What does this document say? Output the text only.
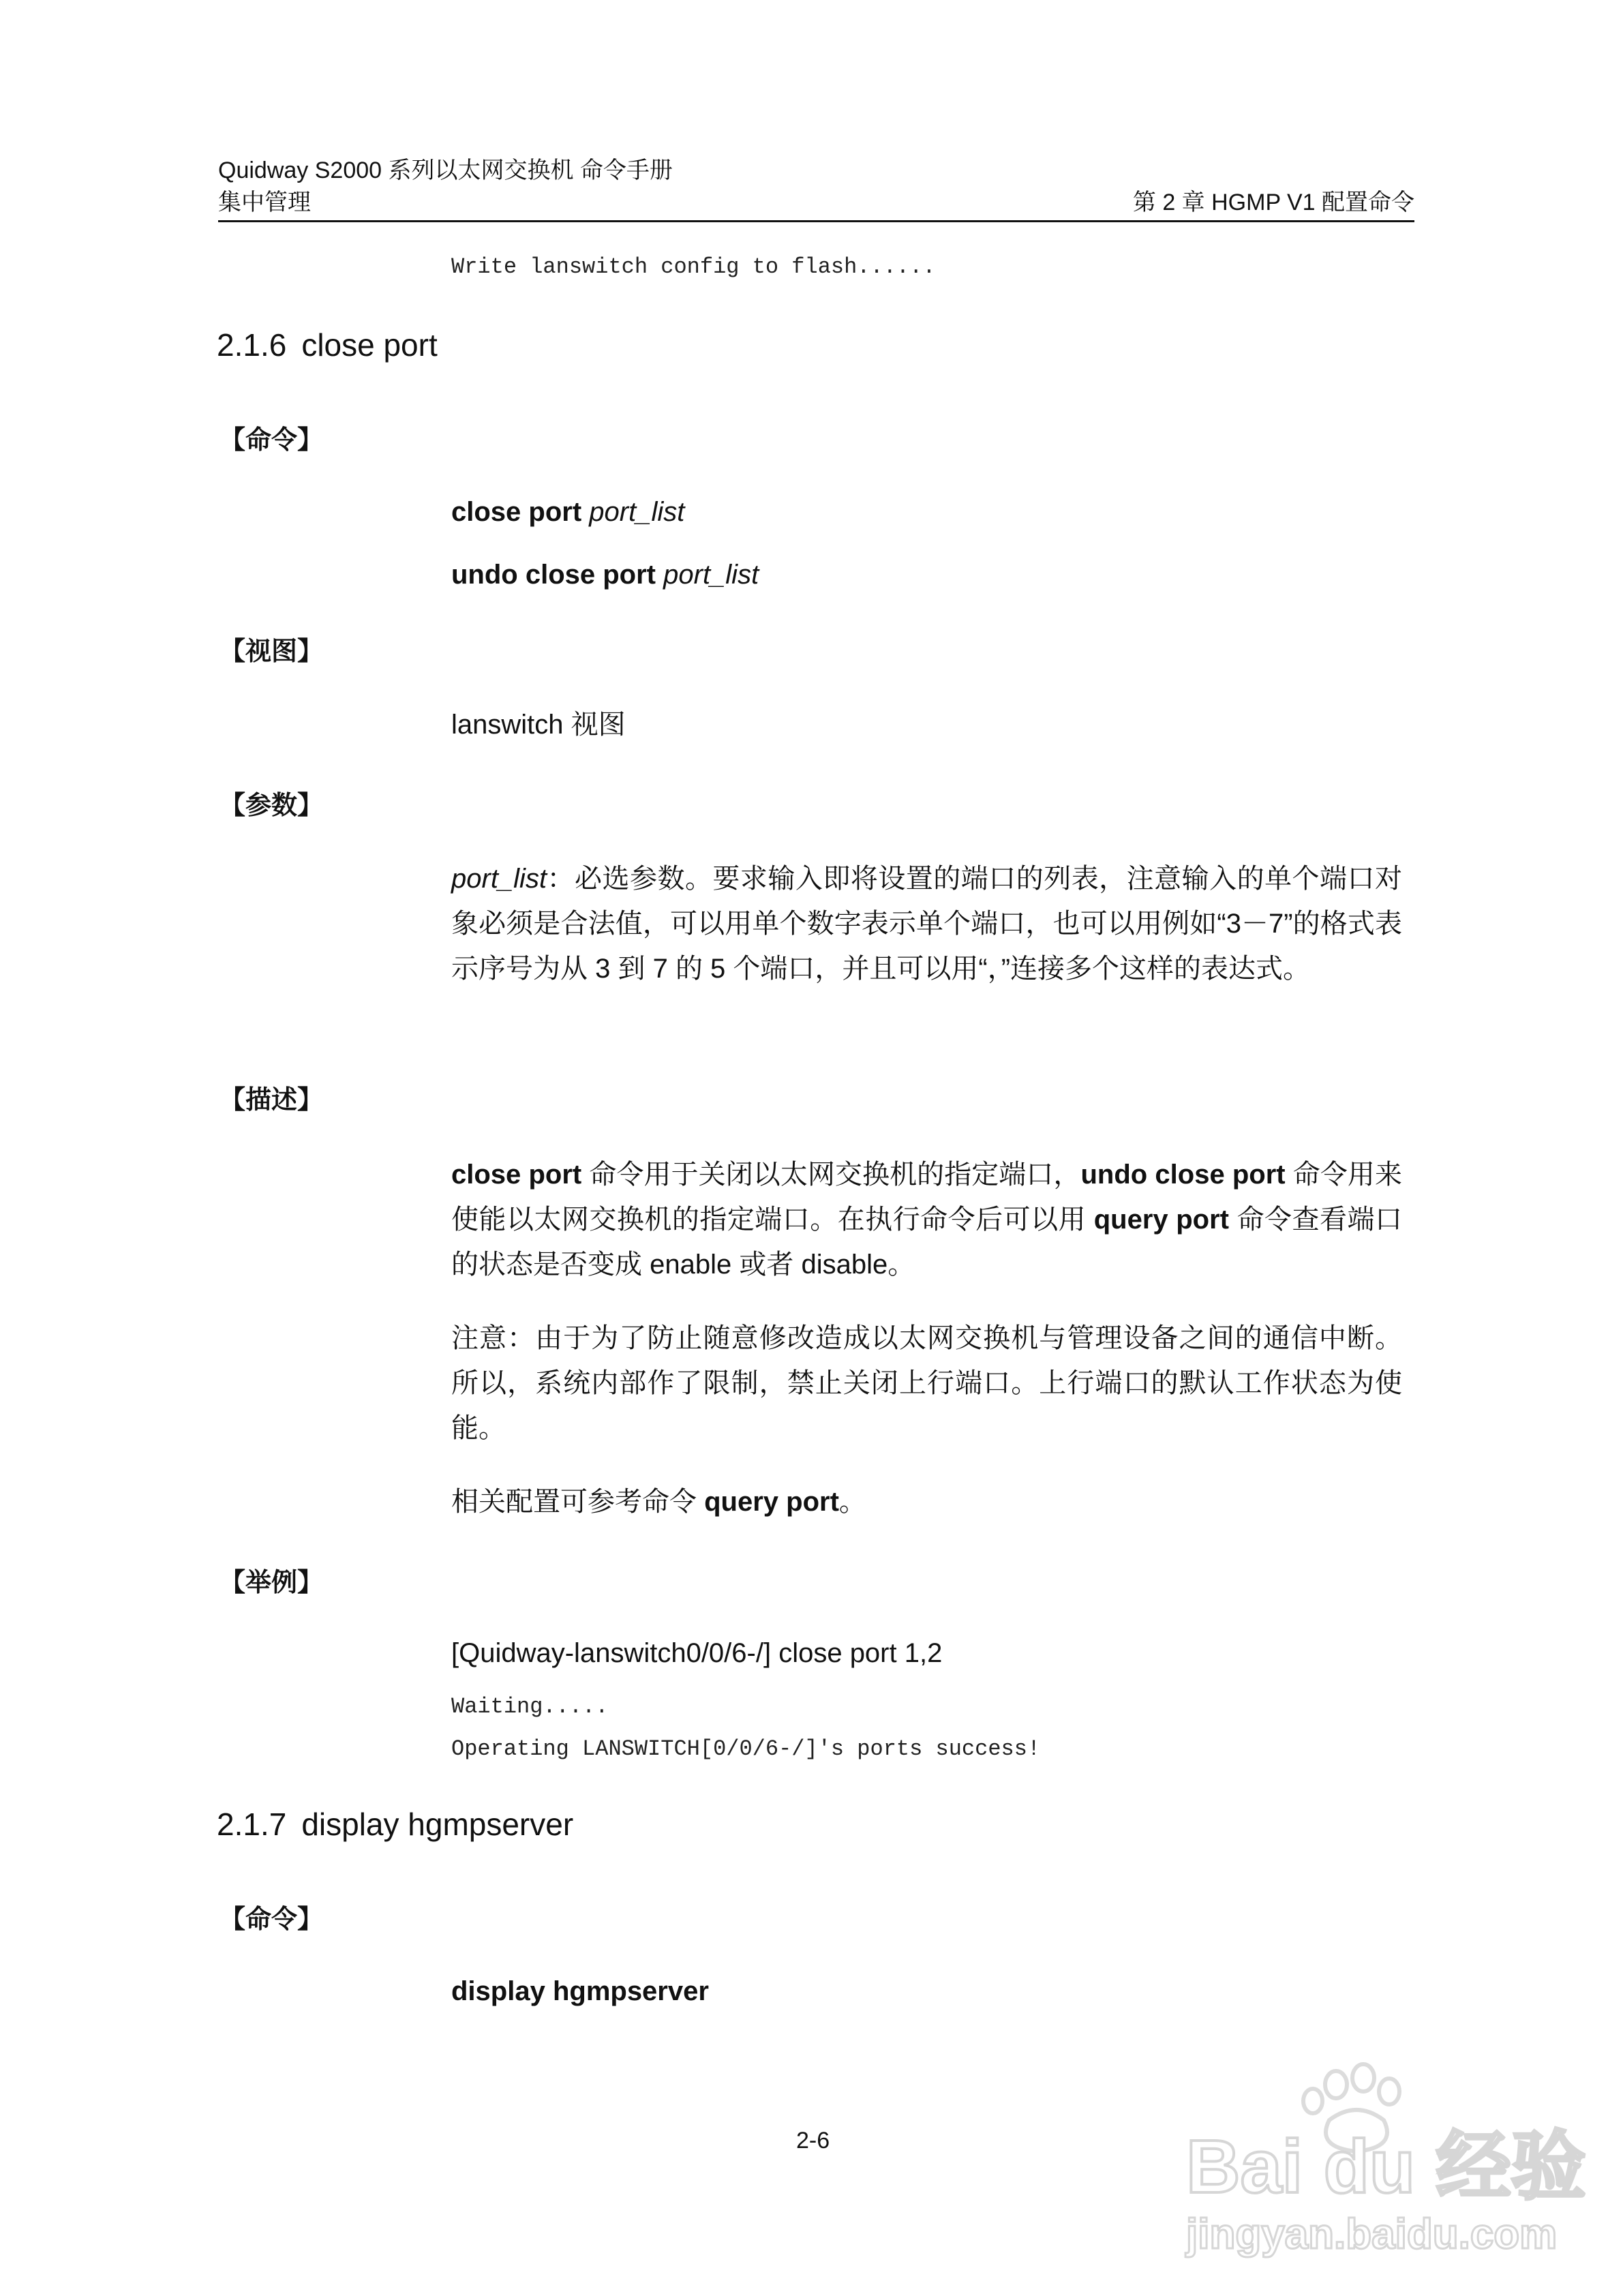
Quidway S2000 系列以太网交换机 命令手册
集中管理	第 2 章 HGMP V1 配置命令
Write lanswitch config to flash......
2.1.6 close port
【命令】
close port port_list
undo close port port_list
【视图】
lanswitch 视图
【参数】
port_list：必选参数。要求输入即将设置的端口的列表，注意输入的单个端口对象必须是合法值，可以用单个数字表示单个端口，也可以用例如“3－7”的格式表示序号为从 3 到 7 的 5 个端口，并且可以用“，”连接多个这样的表达式。
【描述】
close port 命令用于关闭以太网交换机的指定端口，undo close port 命令用来使能以太网交换机的指定端口。在执行命令后可以用 query port 命令查看端口的状态是否变成 enable 或者 disable。
注意：由于为了防止随意修改造成以太网交换机与管理设备之间的通信中断。所以，系统内部作了限制，禁止关闭上行端口。上行端口的默认工作状态为使能。
相关配置可参考命令 query port。
【举例】
[Quidway-lanswitch0/0/6-/] close port 1,2
Waiting.....
Operating LANSWITCH[0/0/6-/]'s ports success!
2.1.7 display hgmpserver
【命令】
display hgmpserver
2-6	Bai du 经验
jingyan.baidu.com
